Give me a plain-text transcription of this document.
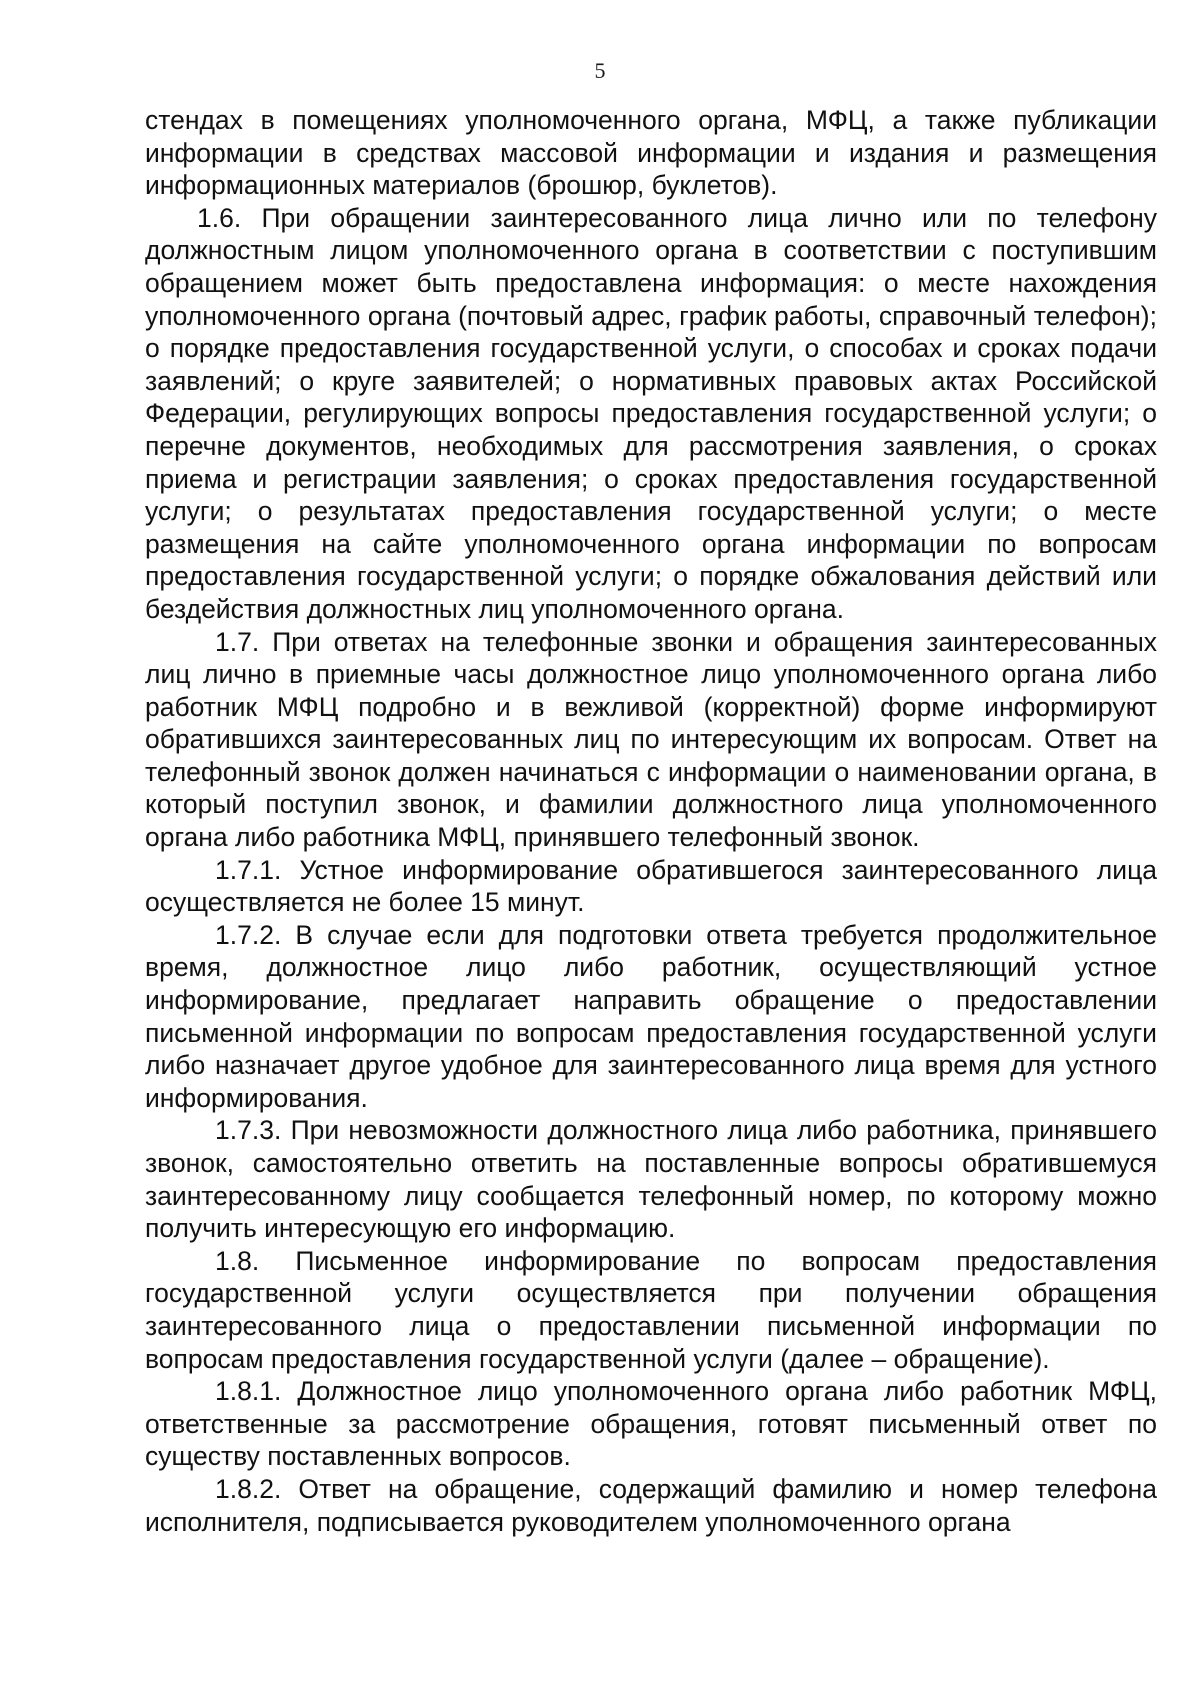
5

стендах в помещениях уполномоченного органа, МФЦ, а также публикации информации в средствах массовой информации и издания и размещения информационных материалов (брошюр, буклетов).

1.6. При обращении заинтересованного лица лично или по телефону должностным лицом уполномоченного органа в соответствии с поступившим обращением может быть предоставлена информация: о месте нахождения уполномоченного органа (почтовый адрес, график работы, справочный телефон); о порядке предоставления государственной услуги, о способах и сроках подачи заявлений; о круге заявителей; о нормативных правовых актах Российской Федерации, регулирующих вопросы предоставления государственной услуги; о перечне документов, необходимых для рассмотрения заявления, о сроках приема и регистрации заявления; о сроках предоставления государственной услуги; о результатах предоставления государственной услуги; о месте размещения на сайте уполномоченного органа информации по вопросам предоставления государственной услуги; о порядке обжалования действий или бездействия должностных лиц уполномоченного органа.

1.7. При ответах на телефонные звонки и обращения заинтересованных лиц лично в приемные часы должностное лицо уполномоченного органа либо работник МФЦ подробно и в вежливой (корректной) форме информируют обратившихся заинтересованных лиц по интересующим их вопросам. Ответ на телефонный звонок должен начинаться с информации о наименовании органа, в который поступил звонок, и фамилии должностного лица уполномоченного органа либо работника МФЦ, принявшего телефонный звонок.

1.7.1. Устное информирование обратившегося заинтересованного лица осуществляется не более 15 минут.

1.7.2. В случае если для подготовки ответа требуется продолжительное время, должностное лицо либо работник, осуществляющий устное информирование, предлагает направить обращение о предоставлении письменной информации по вопросам предоставления государственной услуги либо назначает другое удобное для заинтересованного лица время для устного информирования.

1.7.3. При невозможности должностного лица либо работника, принявшего звонок, самостоятельно ответить на поставленные вопросы обратившемуся заинтересованному лицу сообщается телефонный номер, по которому можно получить интересующую его информацию.

1.8. Письменное информирование по вопросам предоставления государственной услуги осуществляется при получении обращения заинтересованного лица о предоставлении письменной информации по вопросам предоставления государственной услуги (далее – обращение).

1.8.1. Должностное лицо уполномоченного органа либо работник МФЦ, ответственные за рассмотрение обращения, готовят письменный ответ по существу поставленных вопросов.

1.8.2. Ответ на обращение, содержащий фамилию и номер телефона исполнителя, подписывается руководителем уполномоченного органа
